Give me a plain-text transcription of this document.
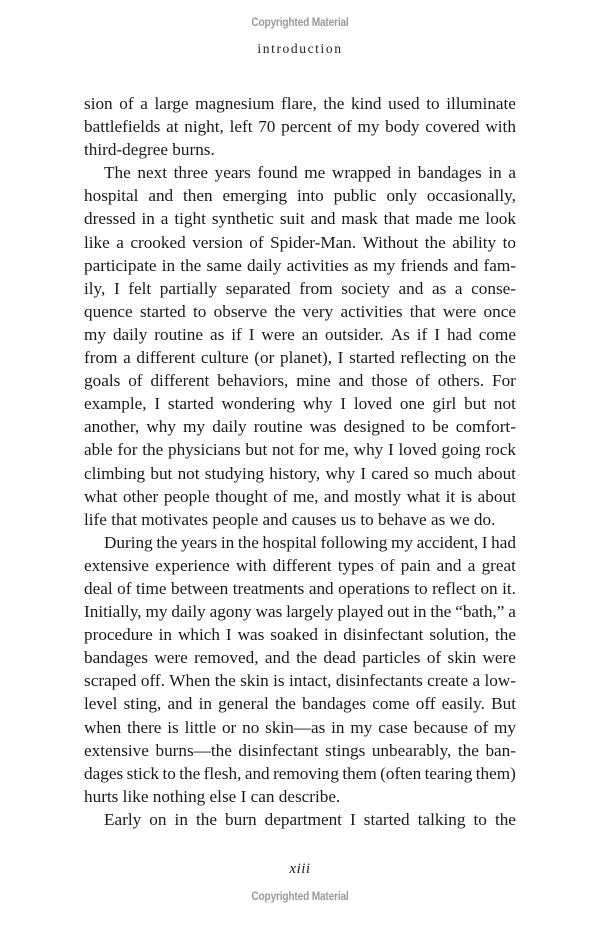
Copyrighted Material
introduction
sion of a large magnesium flare, the kind used to illuminate
battlefields at night, left 70 percent of my body covered with
third-degree burns.
The next three years found me wrapped in bandages in a
hospital and then emerging into public only occasionally,
dressed in a tight synthetic suit and mask that made me look
like a crooked version of Spider-Man. Without the ability to
participate in the same daily activities as my friends and fam-
ily, I felt partially separated from society and as a conse-
quence started to observe the very activities that were once
my daily routine as if I were an outsider. As if I had come
from a different culture (or planet), I started reflecting on the
goals of different behaviors, mine and those of others. For
example, I started wondering why I loved one girl but not
another, why my daily routine was designed to be comfort-
able for the physicians but not for me, why I loved going rock
climbing but not studying history, why I cared so much about
what other people thought of me, and mostly what it is about
life that motivates people and causes us to behave as we do.
During the years in the hospital following my accident, I had
extensive experience with different types of pain and a great
deal of time between treatments and operations to reflect on it.
Initially, my daily agony was largely played out in the “bath,” a
procedure in which I was soaked in disinfectant solution, the
bandages were removed, and the dead particles of skin were
scraped off. When the skin is intact, disinfectants create a low-
level sting, and in general the bandages come off easily. But
when there is little or no skin—as in my case because of my
extensive burns—the disinfectant stings unbearably, the ban-
dages stick to the flesh, and removing them (often tearing them)
hurts like nothing else I can describe.
Early on in the burn department I started talking to the
xiii
Copyrighted Material
